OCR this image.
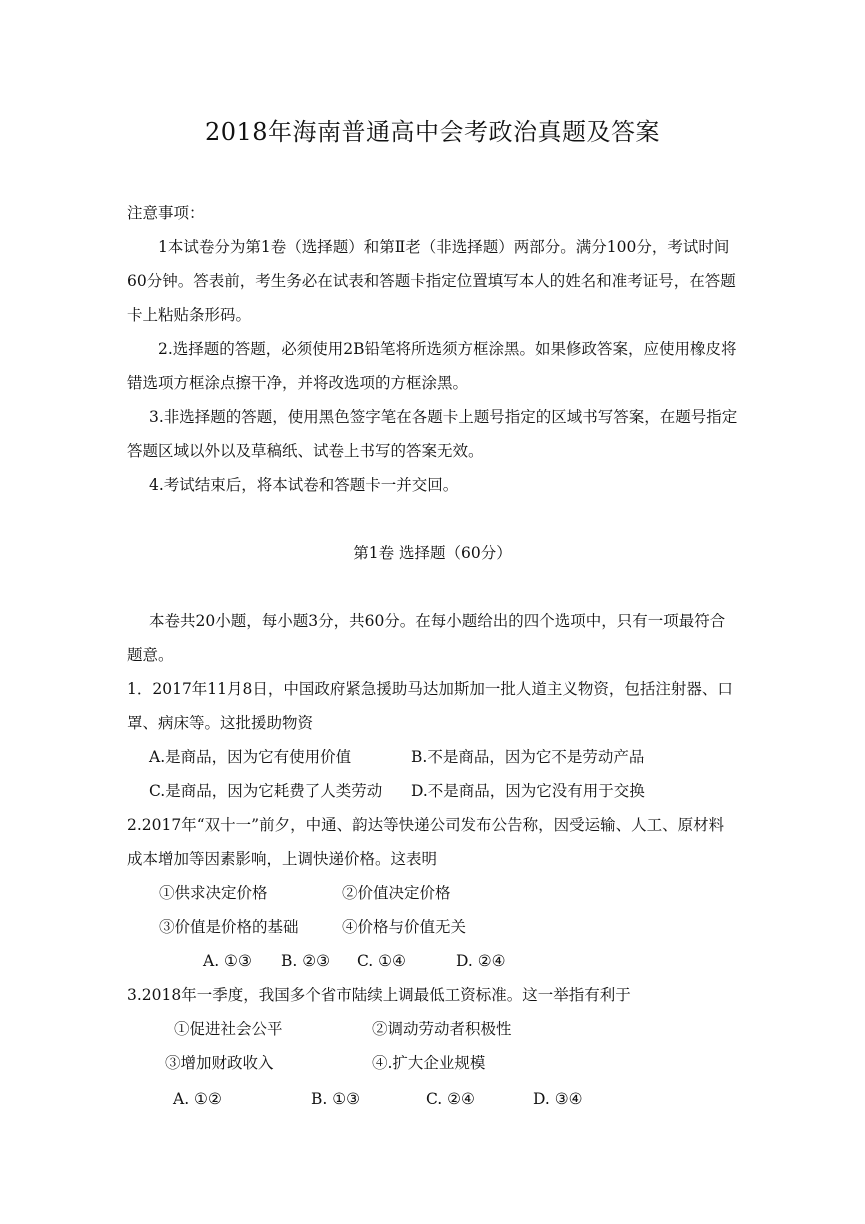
2018年海南普通高中会考政治真题及答案
注意事项：
1本试卷分为第1卷（选择题）和第Ⅱ老（非选择题）两部分。满分100分，考试时间
60分钟。答表前，考生务必在试表和答题卡指定位置填写本人的姓名和准考证号，在答题
卡上粘贴条形码。
2.选择题的答题，必须使用2B铅笔将所选须方框涂黑。如果修政答案，应使用橡皮将
错选项方框涂点擦干净，并将改选项的方框涂黑。
3.非选择题的答题，使用黑色签字笔在各题卡上题号指定的区域书写答案，在题号指定
答题区域以外以及草稿纸、试卷上书写的答案无效。
4.考试结束后，将本试卷和答题卡一并交回。
第1卷 选择题（60分）
本卷共20小题，每小题3分，共60分。在每小题给出的四个选项中，只有一项最符合
题意。
1．2017年11月8日，中国政府紧急援助马达加斯加一批人道主义物资，包括注射器、口
罩、病床等。这批援助物资
A.是商品，因为它有使用价值	B.不是商品，因为它不是劳动产品
C.是商品，因为它耗费了人类劳动 D.不是商品，因为它没有用于交换
2.2017年“双十一”前夕，中通、韵达等快递公司发布公告称，因受运输、人工、原材料
成本增加等因素影响，上调快递价格。这表明
①供求决定价格	②价值决定价格
③价值是价格的基础	④价格与价值无关
A. ①③ B. ②③ C. ①④	D. ②④
3.2018年一季度，我国多个省市陆续上调最低工资标准。这一举指有利于
①促进社会公平	②调动劳动者积极性
③增加财政收入	④.扩大企业规模
A. ①②	B. ①③	C. ②④	D. ③④
